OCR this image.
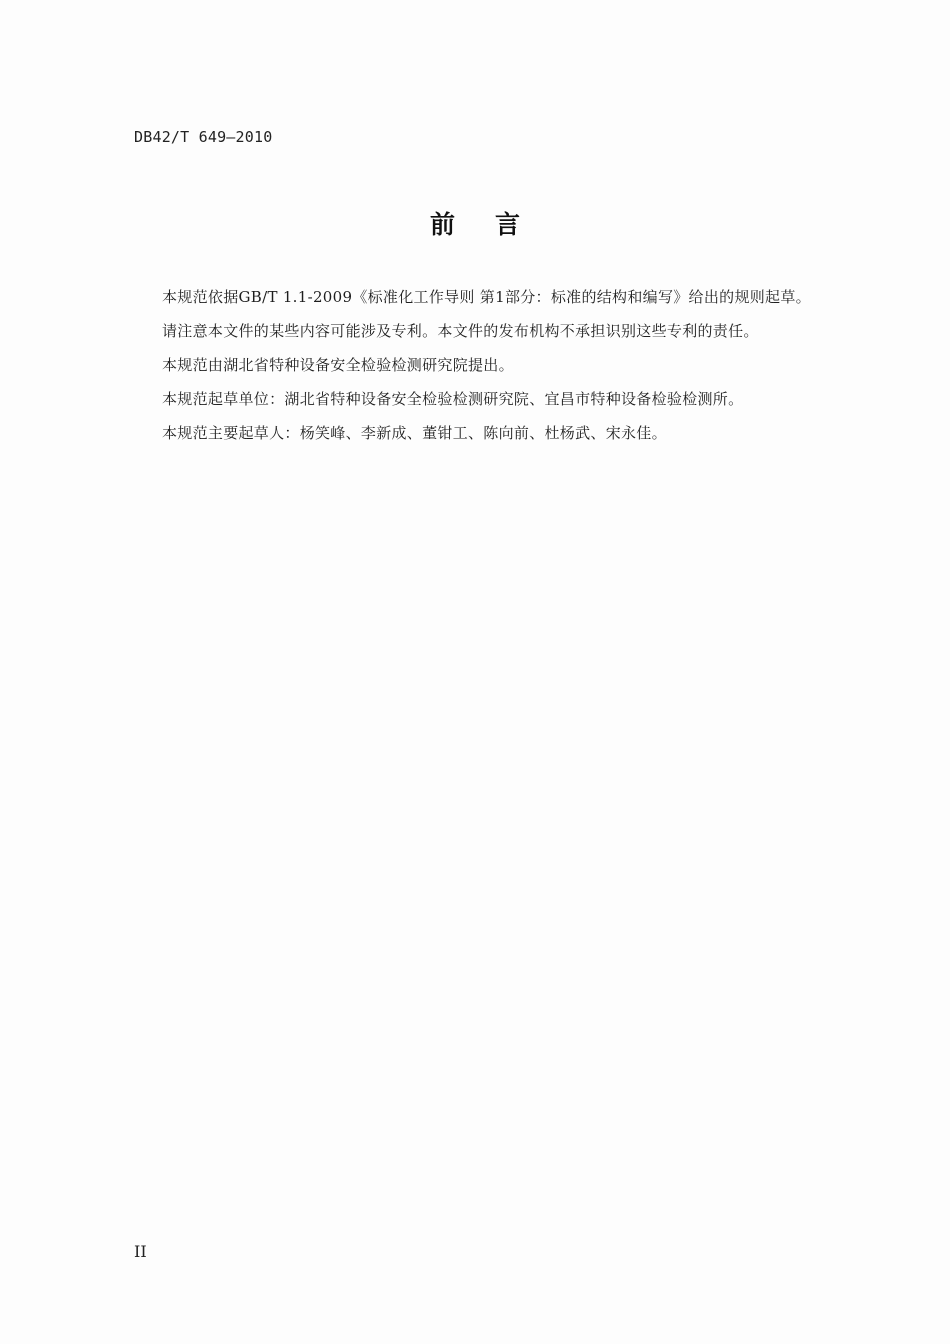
DB42/T 649—2010
前言

本规范依据GB/T 1.1-2009《标准化工作导则 第1部分：标准的结构和编写》给出的规则起草。

请注意本文件的某些内容可能涉及专利。本文件的发布机构不承担识别这些专利的责任。

本规范由湖北省特种设备安全检验检测研究院提出。

本规范起草单位：湖北省特种设备安全检验检测研究院、宜昌市特种设备检验检测所。

本规范主要起草人：杨笑峰、李新成、董钳工、陈向前、杜杨武、宋永佳。

II
